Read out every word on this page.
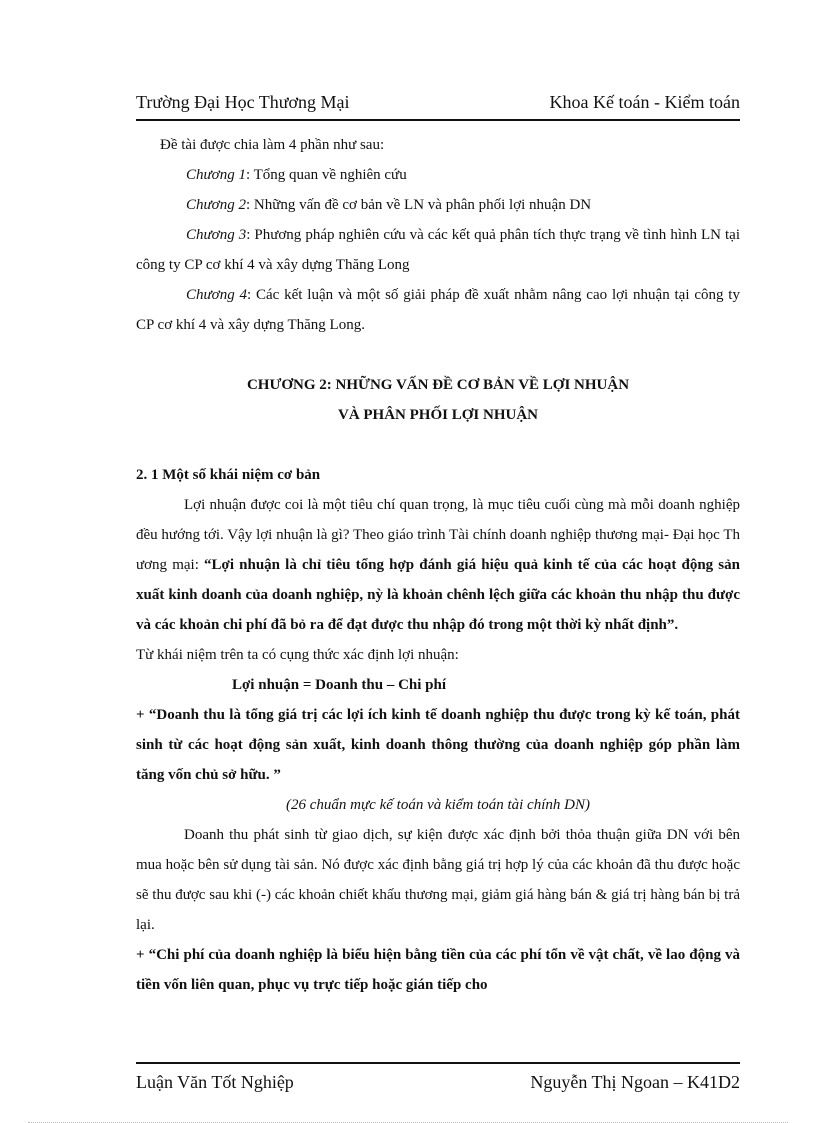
Trường Đại Học Thương Mại	Khoa Kế toán - Kiểm toán

Đề tài được chia làm 4 phần như sau:

Chương 1: Tổng quan về nghiên cứu

Chương 2: Những vấn đề cơ bản về LN và phân phối lợi nhuận DN

Chương 3: Phương pháp nghiên cứu và các kết quả phân tích thực trạng về tình hình LN tại công ty CP cơ khí 4 và xây dựng Thăng Long

Chương 4: Các kết luận và một số giải pháp đề xuất nhằm nâng cao lợi nhuận tại công ty CP cơ khí 4 và xây dựng Thăng Long.

CHƯƠNG 2: NHỮNG VẤN ĐỀ CƠ BẢN VỀ LỢI NHUẬN

VÀ PHÂN PHỐI LỢI NHUẬN

2. 1 Một số khái niệm cơ bản

Lợi nhuận được coi là một tiêu chí quan trọng, là mục tiêu cuối cùng mà mỗi doanh nghiệp đều hướng tới. Vậy lợi nhuận là gì? Theo giáo trình Tài chính doanh nghiệp thương mại- Đại học Th ương mại: “Lợi nhuận là chỉ tiêu tổng hợp đánh giá hiệu quả kinh tế của các hoạt động sản xuất kinh doanh của doanh nghiệp, nỳ là khoản chênh lệch giữa các khoản thu nhập thu được và các khoản chi phí đã bỏ ra để đạt được thu nhập đó trong một thời kỳ nhất định”.

Từ khái niệm trên ta có cụng thức xác định lợi nhuận:

Lợi nhuận = Doanh thu – Chi phí

+ “Doanh thu là tổng giá trị các lợi ích kinh tế doanh nghiệp thu được trong kỳ kế toán, phát sinh từ các hoạt động sản xuất, kinh doanh thông thường của doanh nghiệp góp phần làm tăng vốn chủ sở hữu. ”

(26 chuẩn mực kế toán và kiểm toán tài chính DN)

Doanh thu phát sinh từ giao dịch, sự kiện được xác định bởi thỏa thuận giữa DN với bên mua hoặc bên sử dụng tài sản. Nó được xác định bằng giá trị hợp lý của các khoản đã thu được hoặc sẽ thu được sau khi (-) các khoản chiết khấu thương mại, giảm giá hàng bán & giá trị hàng bán bị trả lại.

+ “Chi phí của doanh nghiệp là biểu hiện bằng tiền của các phí tổn về vật chất, về lao động và tiền vốn liên quan, phục vụ trực tiếp hoặc gián tiếp cho

Luận Văn Tốt Nghiệp	Nguyễn Thị Ngoan – K41D2
